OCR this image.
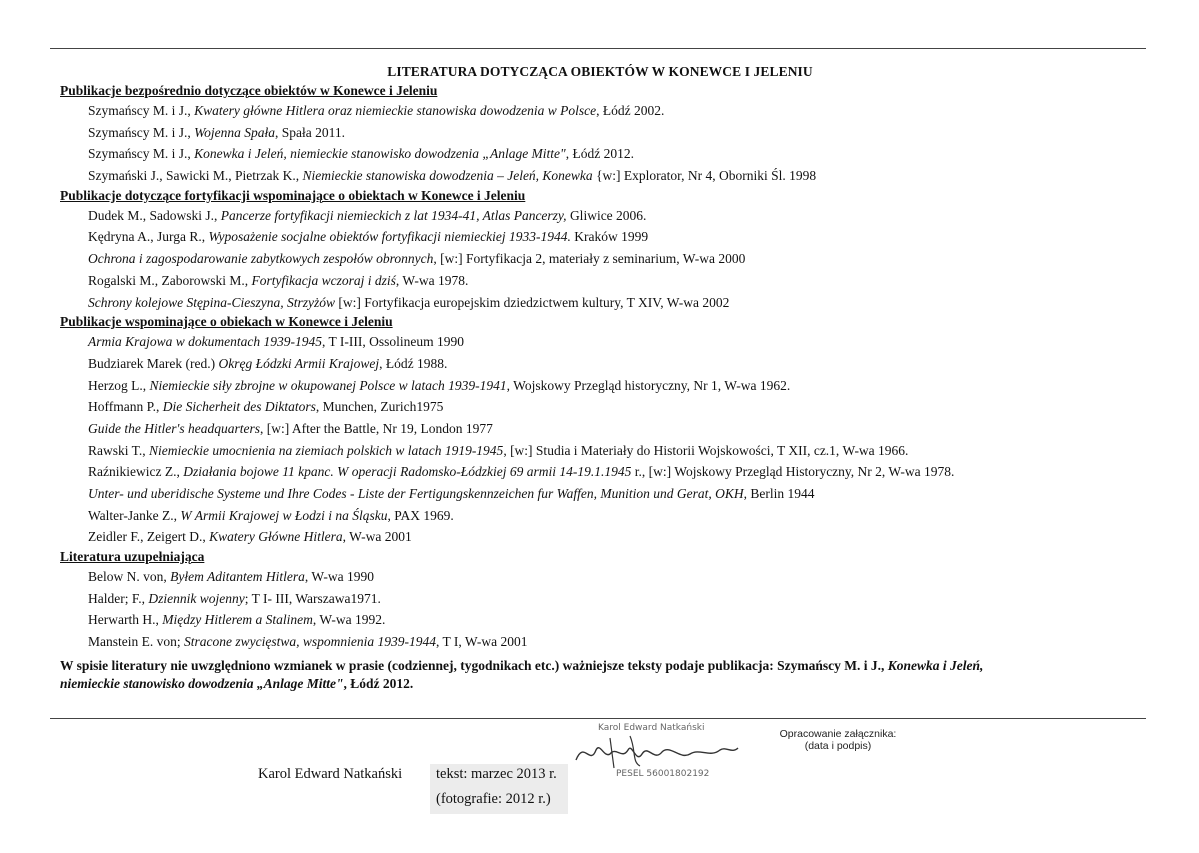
LITERATURA DOTYCZĄCA OBIEKTÓW W KONEWCE I JELENIU
Publikacje bezpośrednio dotyczące obiektów w Konewce i Jeleniu
Szymańscy M. i J., Kwatery główne Hitlera oraz niemieckie stanowiska dowodzenia w Polsce, Łódź 2002.
Szymańscy M. i J., Wojenna Spała, Spała 2011.
Szymańscy M. i J., Konewka i Jeleń, niemieckie stanowisko dowodzenia „Anlage Mitte", Łódź 2012.
Szymański J., Sawicki M., Pietrzak K., Niemieckie stanowiska dowodzenia – Jeleń, Konewka {w:] Explorator, Nr 4, Oborniki Śl. 1998
Publikacje dotyczące fortyfikacji wspominające o obiektach w Konewce i Jeleniu
Dudek M., Sadowski J., Pancerze fortyfikacji niemieckich z lat 1934-41, Atlas Pancerzy, Gliwice 2006.
Kędryna A., Jurga R., Wyposażenie socjalne obiektów fortyfikacji niemieckiej 1933-1944. Kraków 1999
Ochrona i zagospodarowanie zabytkowych zespołów obronnych, [w:] Fortyfikacja 2, materiały z seminarium, W-wa 2000
Rogalski M., Zaborowski M., Fortyfikacja wczoraj i dziś, W-wa 1978.
Schrony kolejowe Stępina-Cieszyna, Strzyżów [w:] Fortyfikacja europejskim dziedzictwem kultury, T XIV, W-wa 2002
Publikacje wspominające o obiekach w Konewce i Jeleniu
Armia Krajowa w dokumentach 1939-1945, T I-III, Ossolineum 1990
Budziarek Marek (red.) Okręg Łódzki Armii Krajowej, Łódź 1988.
Herzog L., Niemieckie siły zbrojne w okupowanej Polsce w latach 1939-1941, Wojskowy Przegląd historyczny, Nr 1, W-wa 1962.
Hoffmann P., Die Sicherheit des Diktators, Munchen, Zurich1975
Guide the Hitler's headquarters, [w:] After the Battle, Nr 19, London 1977
Rawski T., Niemieckie umocnienia na ziemiach polskich w latach 1919-1945, [w:] Studia i Materiały do Historii Wojskowości, T XII, cz.1, W-wa 1966.
Raźnikiewicz Z., Działania bojowe 11 kpanc. W operacji Radomsko-Łódzkiej 69 armii 14-19.1.1945 r., [w:] Wojskowy Przegląd Historyczny, Nr 2, W-wa 1978.
Unter- und uberidische Systeme und Ihre Codes - Liste der Fertigungskennzeichen fur Waffen, Munition und Gerat, OKH, Berlin 1944
Walter-Janke Z., W Armii Krajowej w Łodzi i na Śląsku, PAX 1969.
Zeidler F., Zeigert D., Kwatery Główne Hitlera, W-wa 2001
Literatura uzupełniająca
Below N. von, Byłem Aditantem Hitlera, W-wa 1990
Halder; F., Dziennik wojenny; T I- III, Warszawa1971.
Herwarth H., Między Hitlerem a Stalinem, W-wa 1992.
Manstein E. von; Stracone zwycięstwa, wspomnienia 1939-1944, T I, W-wa 2001
W spisie literatury nie uwzględniono wzmianek w prasie (codziennej, tygodnikach etc.) ważniejsze teksty podaje publikacja: Szymańscy M. i J., Konewka i Jeleń,
niemieckie stanowisko dowodzenia „Anlage Mitte", Łódź 2012.
Karol Edward Natkański tekst: marzec 2013 r.
(fotografie: 2012 r.)
Karol Edward Natkański
PESEL 56001802192
Opracowanie załącznika:
(data i podpis)
